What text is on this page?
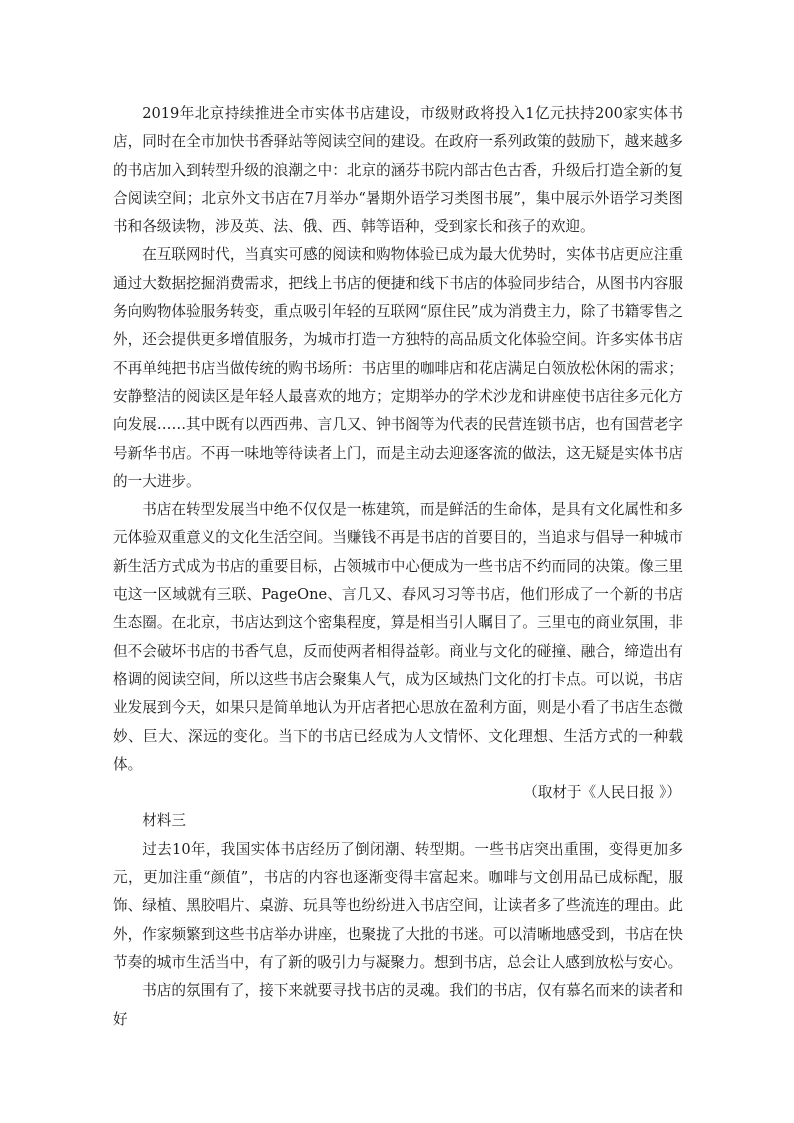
2019年北京持续推进全市实体书店建设，市级财政将投入1亿元扶持200家实体书店，同时在全市加快书香驿站等阅读空间的建设。在政府一系列政策的鼓励下，越来越多的书店加入到转型升级的浪潮之中：北京的涵芬书院内部古色古香，升级后打造全新的复合阅读空间；北京外文书店在7月举办“暑期外语学习类图书展”，集中展示外语学习类图书和各级读物，涉及英、法、俄、西、韩等语种，受到家长和孩子的欢迎。

在互联网时代，当真实可感的阅读和购物体验已成为最大优势时，实体书店更应注重通过大数据挖掘消费需求，把线上书店的便捷和线下书店的体验同步结合，从图书内容服务向购物体验服务转变，重点吸引年轻的互联网“原住民”成为消费主力，除了书籍零售之外，还会提供更多增值服务，为城市打造一方独特的高品质文化体验空间。许多实体书店不再单纯把书店当做传统的购书场所：书店里的咖啡店和花店满足白领放松休闲的需求；安静整洁的阅读区是年轻人最喜欢的地方；定期举办的学术沙龙和讲座使书店往多元化方向发展……其中既有以西西弗、言几又、钟书阁等为代表的民营连锁书店，也有国营老字号新华书店。不再一味地等待读者上门，而是主动去迎逐客流的做法，这无疑是实体书店的一大进步。

书店在转型发展当中绝不仅仅是一栋建筑，而是鲜活的生命体，是具有文化属性和多元体验双重意义的文化生活空间。当赚钱不再是书店的首要目的，当追求与倡导一种城市新生活方式成为书店的重要目标，占领城市中心便成为一些书店不约而同的决策。像三里屯这一区域就有三联、PageOne、言几又、春风习习等书店，他们形成了一个新的书店生态圈。在北京，书店达到这个密集程度，算是相当引人瞩目了。三里屯的商业氛围，非但不会破坏书店的书香气息，反而使两者相得益彰。商业与文化的碰撞、融合，缔造出有格调的阅读空间，所以这些书店会聚集人气，成为区域热门文化的打卡点。可以说，书店业发展到今天，如果只是简单地认为开店者把心思放在盈利方面，则是小看了书店生态微妙、巨大、深远的变化。当下的书店已经成为人文情怀、文化理想、生活方式的一种载体。

（取材于《人民日报 》）

材料三

过去10年，我国实体书店经历了倒闭潮、转型期。一些书店突出重围，变得更加多元，更加注重“颜值”，书店的内容也逐渐变得丰富起来。咖啡与文创用品已成标配，服饰、绿植、黑胶唱片、桌游、玩具等也纷纷进入书店空间，让读者多了些流连的理由。此外，作家频繁到这些书店举办讲座，也聚拢了大批的书迷。可以清晰地感受到，书店在快节奏的城市生活当中，有了新的吸引力与凝聚力。想到书店，总会让人感到放松与安心。

书店的氛围有了，接下来就要寻找书店的灵魂。我们的书店，仅有慕名而来的读者和好
